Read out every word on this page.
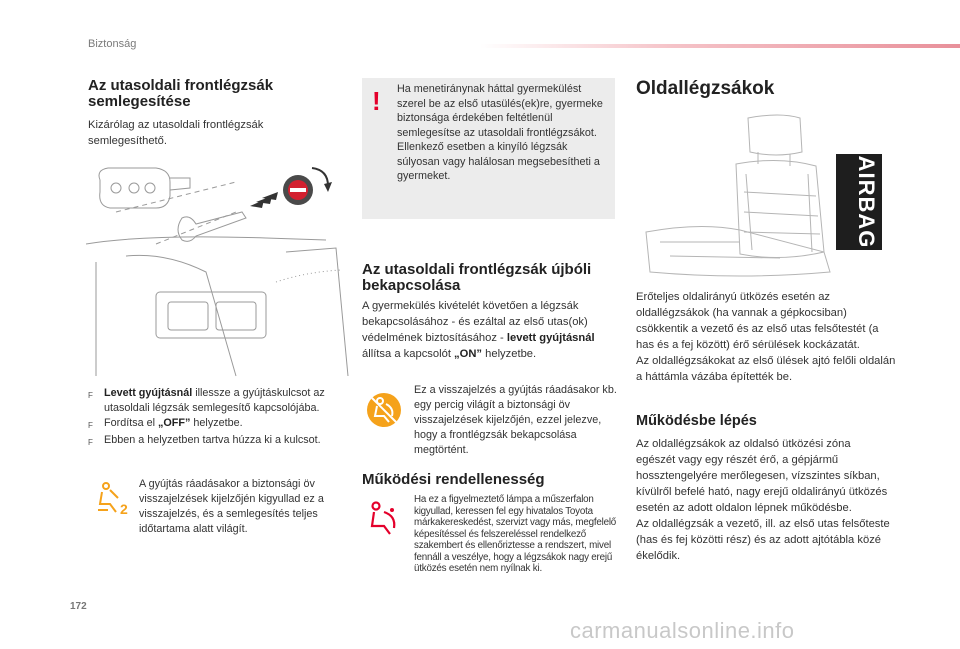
Biztonság
Az utasoldali frontlégzsák semlegesítése

Kizárólag az utasoldali frontlégzsák semlegesíthető.

F	Levett gyújtásnál illessze a gyújtáskulcsot az utasoldali légzsák semlegesítő kapcsolójába.
F	Fordítsa el „OFF” helyzetbe.
F	Ebben a helyzetben tartva húzza ki a kulcsot.
2

A gyújtás ráadásakor a biztonsági öv visszajelzések kijelzőjén kigyullad ez a visszajelzés, és a semlegesítés teljes időtartama alatt világít.

! Ha menetiránynak háttal gyermekülést szerel be az első utasülés(ek)re, gyermeke biztonsága érdekében feltétlenül semlegesítse az utasoldali frontlégzsákot.
Ellenkező esetben a kinyíló légzsák súlyosan vagy halálosan megsebesítheti a gyermeket.

Az utasoldali frontlégzsák újbóli bekapcsolása

A gyermekülés kivételét követően a légzsák bekapcsolásához - és ezáltal az első utas(ok) védelmének biztosításához - levett gyújtásnál állítsa a kapcsolót „ON” helyzetbe.

Ez a visszajelzés a gyújtás ráadásakor kb. egy percig világít a biztonsági öv visszajelzések kijelzőjén, ezzel jelezve, hogy a frontlégzsák bekapcsolása megtörtént.

Működési rendellenesség

Ha ez a figyelmeztető lámpa a műszerfalon kigyullad, keressen fel egy hivatalos Toyota márkakereskedést, szervizt vagy más, megfelelő képesítéssel és felszereléssel rendelkező szakembert és ellenőriztesse a rendszert, mivel fennáll a veszélye, hogy a légzsákok nagy erejű ütközés esetén nem nyílnak ki.

Oldallégzsákok
AIRBAG

Erőteljes oldalirányú ütközés esetén az oldallégzsákok (ha vannak a gépkocsiban) csökkentik a vezető és az első utas felsőtestét (a has és a fej között) érő sérülések kockázatát.
Az oldallégzsákokat az első ülések ajtó felőli oldalán a háttámla vázába építették be.

Működésbe lépés

Az oldallégzsákok az oldalsó ütközési zóna egészét vagy egy részét érő, a gépjármű hossztengelyére merőlegesen, vízszintes síkban, kívülről befelé ható, nagy erejű oldalirányú ütközés esetén az adott oldalon lépnek működésbe.
Az oldallégzsák a vezető, ill. az első utas felsőteste (has és fej közötti rész) és az adott ajtótábla közé ékelődik.

172
carmanualsonline.info
